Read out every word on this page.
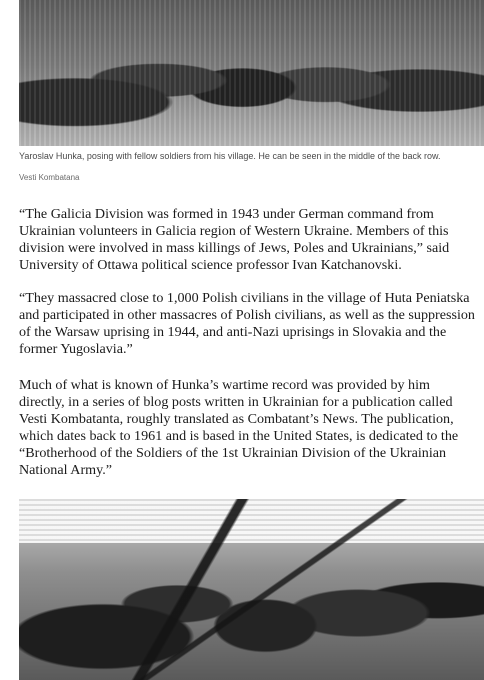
Yaroslav Hunka, posing with fellow soldiers from his village. He can be seen in the middle of the back row.
Vesti Kombatana

“The Galicia Division was formed in 1943 under German command from Ukrainian volunteers in Galicia region of Western Ukraine. Members of this division were involved in mass killings of Jews, Poles and Ukrainians,” said University of Ottawa political science professor Ivan Katchanovski.

“They massacred close to 1,000 Polish civilians in the village of Huta Peniatska and participated in other massacres of Polish civilians, as well as the suppression of the Warsaw uprising in 1944, and anti-Nazi uprisings in Slovakia and the former Yugoslavia.”

Much of what is known of Hunka’s wartime record was provided by him directly, in a series of blog posts written in Ukrainian for a publication called Vesti Kombatanta, roughly translated as Combatant’s News. The publication, which dates back to 1961 and is based in the United States, is dedicated to the “Brotherhood of the Soldiers of the 1st Ukrainian Division of the Ukrainian National Army.”
